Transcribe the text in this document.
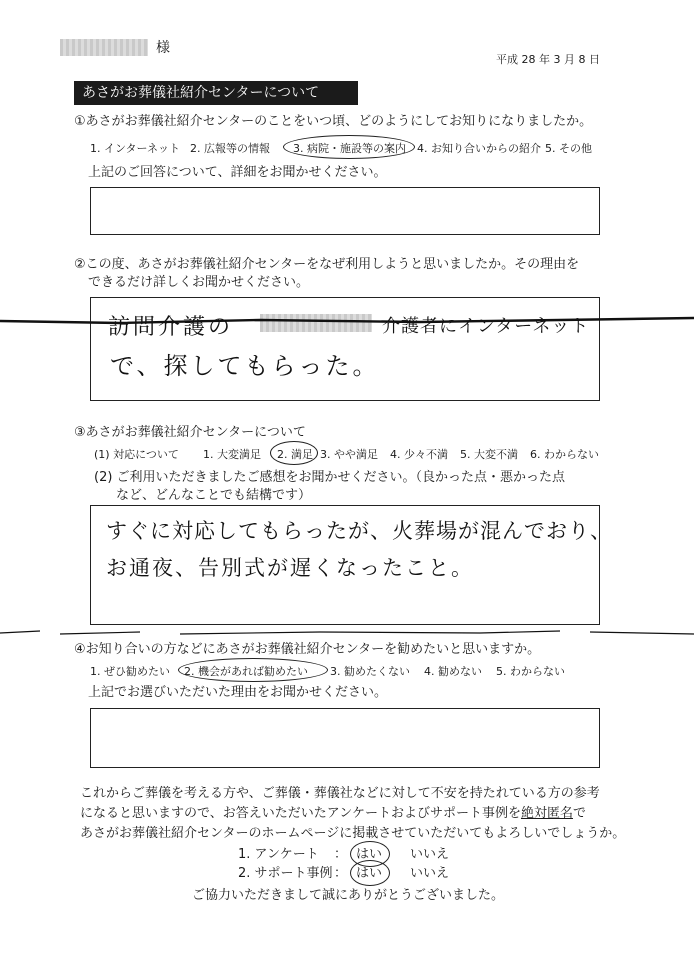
様
平成 28 年 3 月 8 日
あさがお葬儀社紹介センターについて
①あさがお葬儀社紹介センターのことをいつ頃、どのようにしてお知りになりましたか。
1. インターネット 2. 広報等の情報 3. 病院・施設等の案内 4. お知り合いからの紹介 5. その他
上記のご回答について、詳細をお聞かせください。
②この度、あさがお葬儀社紹介センターをなぜ利用しようと思いましたか。その理由を
できるだけ詳しくお聞かせください。
訪問介護の	介護者にインターネット
で、探してもらった。
③あさがお葬儀社紹介センターについて
(1) 対応について 1. 大変満足 2. 満足 3. やや満足 4. 少々不満 5. 大変不満 6. わからない
(2) ご利用いただきましたご感想をお聞かせください。（良かった点・悪かった点
など、どんなことでも結構です）
すぐに対応してもらったが、火葬場が混んでおり、
お通夜、告別式が遅くなったこと。
④お知り合いの方などにあさがお葬儀社紹介センターを勧めたいと思いますか。
1. ぜひ勧めたい 2. 機会があれば勧めたい 3. 勧めたくない 4. 勧めない 5. わからない
上記でお選びいただいた理由をお聞かせください。
これからご葬儀を考える方や、ご葬儀・葬儀社などに対して不安を持たれている方の参考
になると思いますので、お答えいただいたアンケートおよびサポート事例を絶対匿名で
あさがお葬儀社紹介センターのホームページに掲載させていただいてもよろしいでしょうか。
1. アンケート ： はい いいえ
2. サポート事例 ： はい いいえ
ご協力いただきまして誠にありがとうございました。
